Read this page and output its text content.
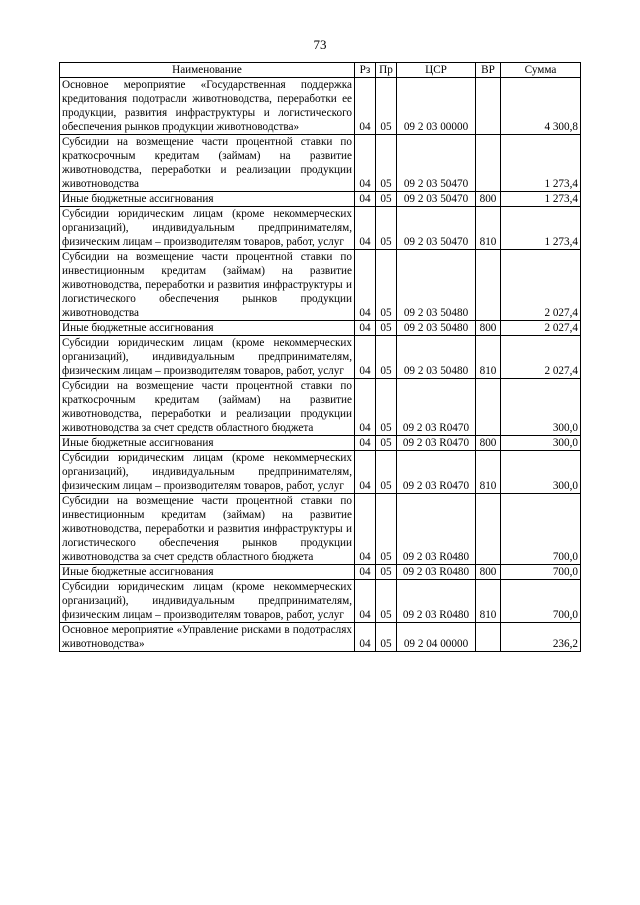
73
Наименование	Рз	Пр	ЦСР	ВР	Сумма
Основное мероприятие «Государственная поддержка кредитования подотрасли животноводства, переработки ее продукции, развития инфраструктуры и логистического обеспечения рынков продукции животноводства»	04	05	09 2 03 00000		4 300,8
Субсидии на возмещение части процентной ставки по краткосрочным кредитам (займам) на развитие животноводства, переработки и реализации продукции животноводства	04	05	09 2 03 50470		1 273,4
Иные бюджетные ассигнования	04	05	09 2 03 50470	800	1 273,4
Субсидии юридическим лицам (кроме некоммерческих организаций), индивидуальным предпринимателям, физическим лицам – производителям товаров, работ, услуг	04	05	09 2 03 50470	810	1 273,4
Субсидии на возмещение части процентной ставки по инвестиционным кредитам (займам) на развитие животноводства, переработки и развития инфраструктуры и логистического обеспечения рынков продукции животноводства	04	05	09 2 03 50480		2 027,4
Иные бюджетные ассигнования	04	05	09 2 03 50480	800	2 027,4
Субсидии юридическим лицам (кроме некоммерческих организаций), индивидуальным предпринимателям, физическим лицам – производителям товаров, работ, услуг	04	05	09 2 03 50480	810	2 027,4
Субсидии на возмещение части процентной ставки по краткосрочным кредитам (займам) на развитие животноводства, переработки и реализации продукции животноводства за счет средств областного бюджета	04	05	09 2 03 R0470		300,0
Иные бюджетные ассигнования	04	05	09 2 03 R0470	800	300,0
Субсидии юридическим лицам (кроме некоммерческих организаций), индивидуальным предпринимателям, физическим лицам – производителям товаров, работ, услуг	04	05	09 2 03 R0470	810	300,0
Субсидии на возмещение части процентной ставки по инвестиционным кредитам (займам) на развитие животноводства, переработки и развития инфраструктуры и логистического обеспечения рынков продукции животноводства за счет средств областного бюджета	04	05	09 2 03 R0480		700,0
Иные бюджетные ассигнования	04	05	09 2 03 R0480	800	700,0
Субсидии юридическим лицам (кроме некоммерческих организаций), индивидуальным предпринимателям, физическим лицам – производителям товаров, работ, услуг	04	05	09 2 03 R0480	810	700,0
Основное мероприятие «Управление рисками в подотраслях животноводства»	04	05	09 2 04 00000		236,2
